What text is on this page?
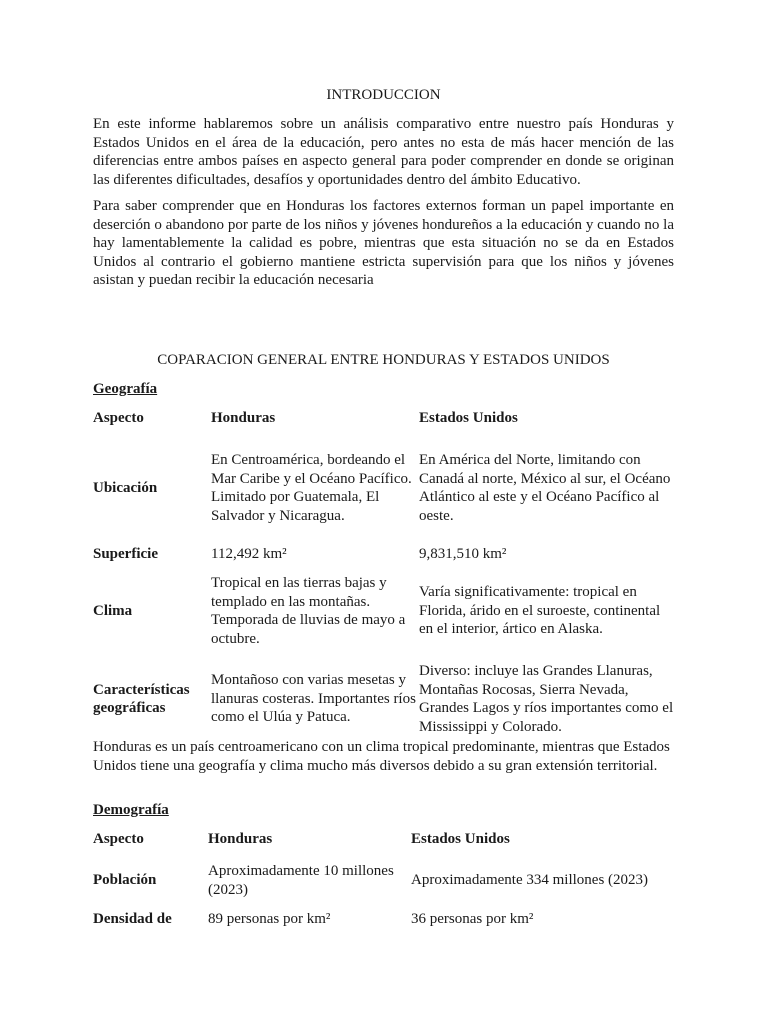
INTRODUCCION

En este informe hablaremos sobre un análisis comparativo entre nuestro país Honduras y Estados Unidos en el área de la educación, pero antes no esta de más hacer mención de las diferencias entre ambos países en aspecto general para poder comprender en donde se originan las diferentes dificultades, desafíos y oportunidades dentro del ámbito Educativo.

Para saber comprender que en Honduras los factores externos forman un papel importante en deserción o abandono por parte de los niños y jóvenes hondureños a la educación y cuando no la hay lamentablemente la calidad es pobre, mientras que esta situación no se da en Estados Unidos al contrario el gobierno mantiene estricta supervisión para que los niños y jóvenes asistan y puedan recibir la educación necesaria

COPARACION GENERAL ENTRE HONDURAS Y ESTADOS UNIDOS
Geografía
Aspecto	Honduras	Estados Unidos
Ubicación	En Centroamérica, bordeando el Mar Caribe y el Océano Pacífico. Limitado por Guatemala, El Salvador y Nicaragua.	En América del Norte, limitando con Canadá al norte, México al sur, el Océano Atlántico al este y el Océano Pacífico al oeste.
Superficie	112,492 km²	9,831,510 km²
Clima	Tropical en las tierras bajas y templado en las montañas. Temporada de lluvias de mayo a octubre.	Varía significativamente: tropical en Florida, árido en el suroeste, continental en el interior, ártico en Alaska.
Características geográficas	Montañoso con varias mesetas y llanuras costeras. Importantes ríos como el Ulúa y Patuca.	Diverso: incluye las Grandes Llanuras, Montañas Rocosas, Sierra Nevada, Grandes Lagos y ríos importantes como el Mississippi y Colorado.

Honduras es un país centroamericano con un clima tropical predominante, mientras que Estados Unidos tiene una geografía y clima mucho más diversos debido a su gran extensión territorial.

Demografía
Aspecto	Honduras	Estados Unidos
Población	Aproximadamente 10 millones (2023)	Aproximadamente 334 millones (2023)
Densidad de	89 personas por km²	36 personas por km²
